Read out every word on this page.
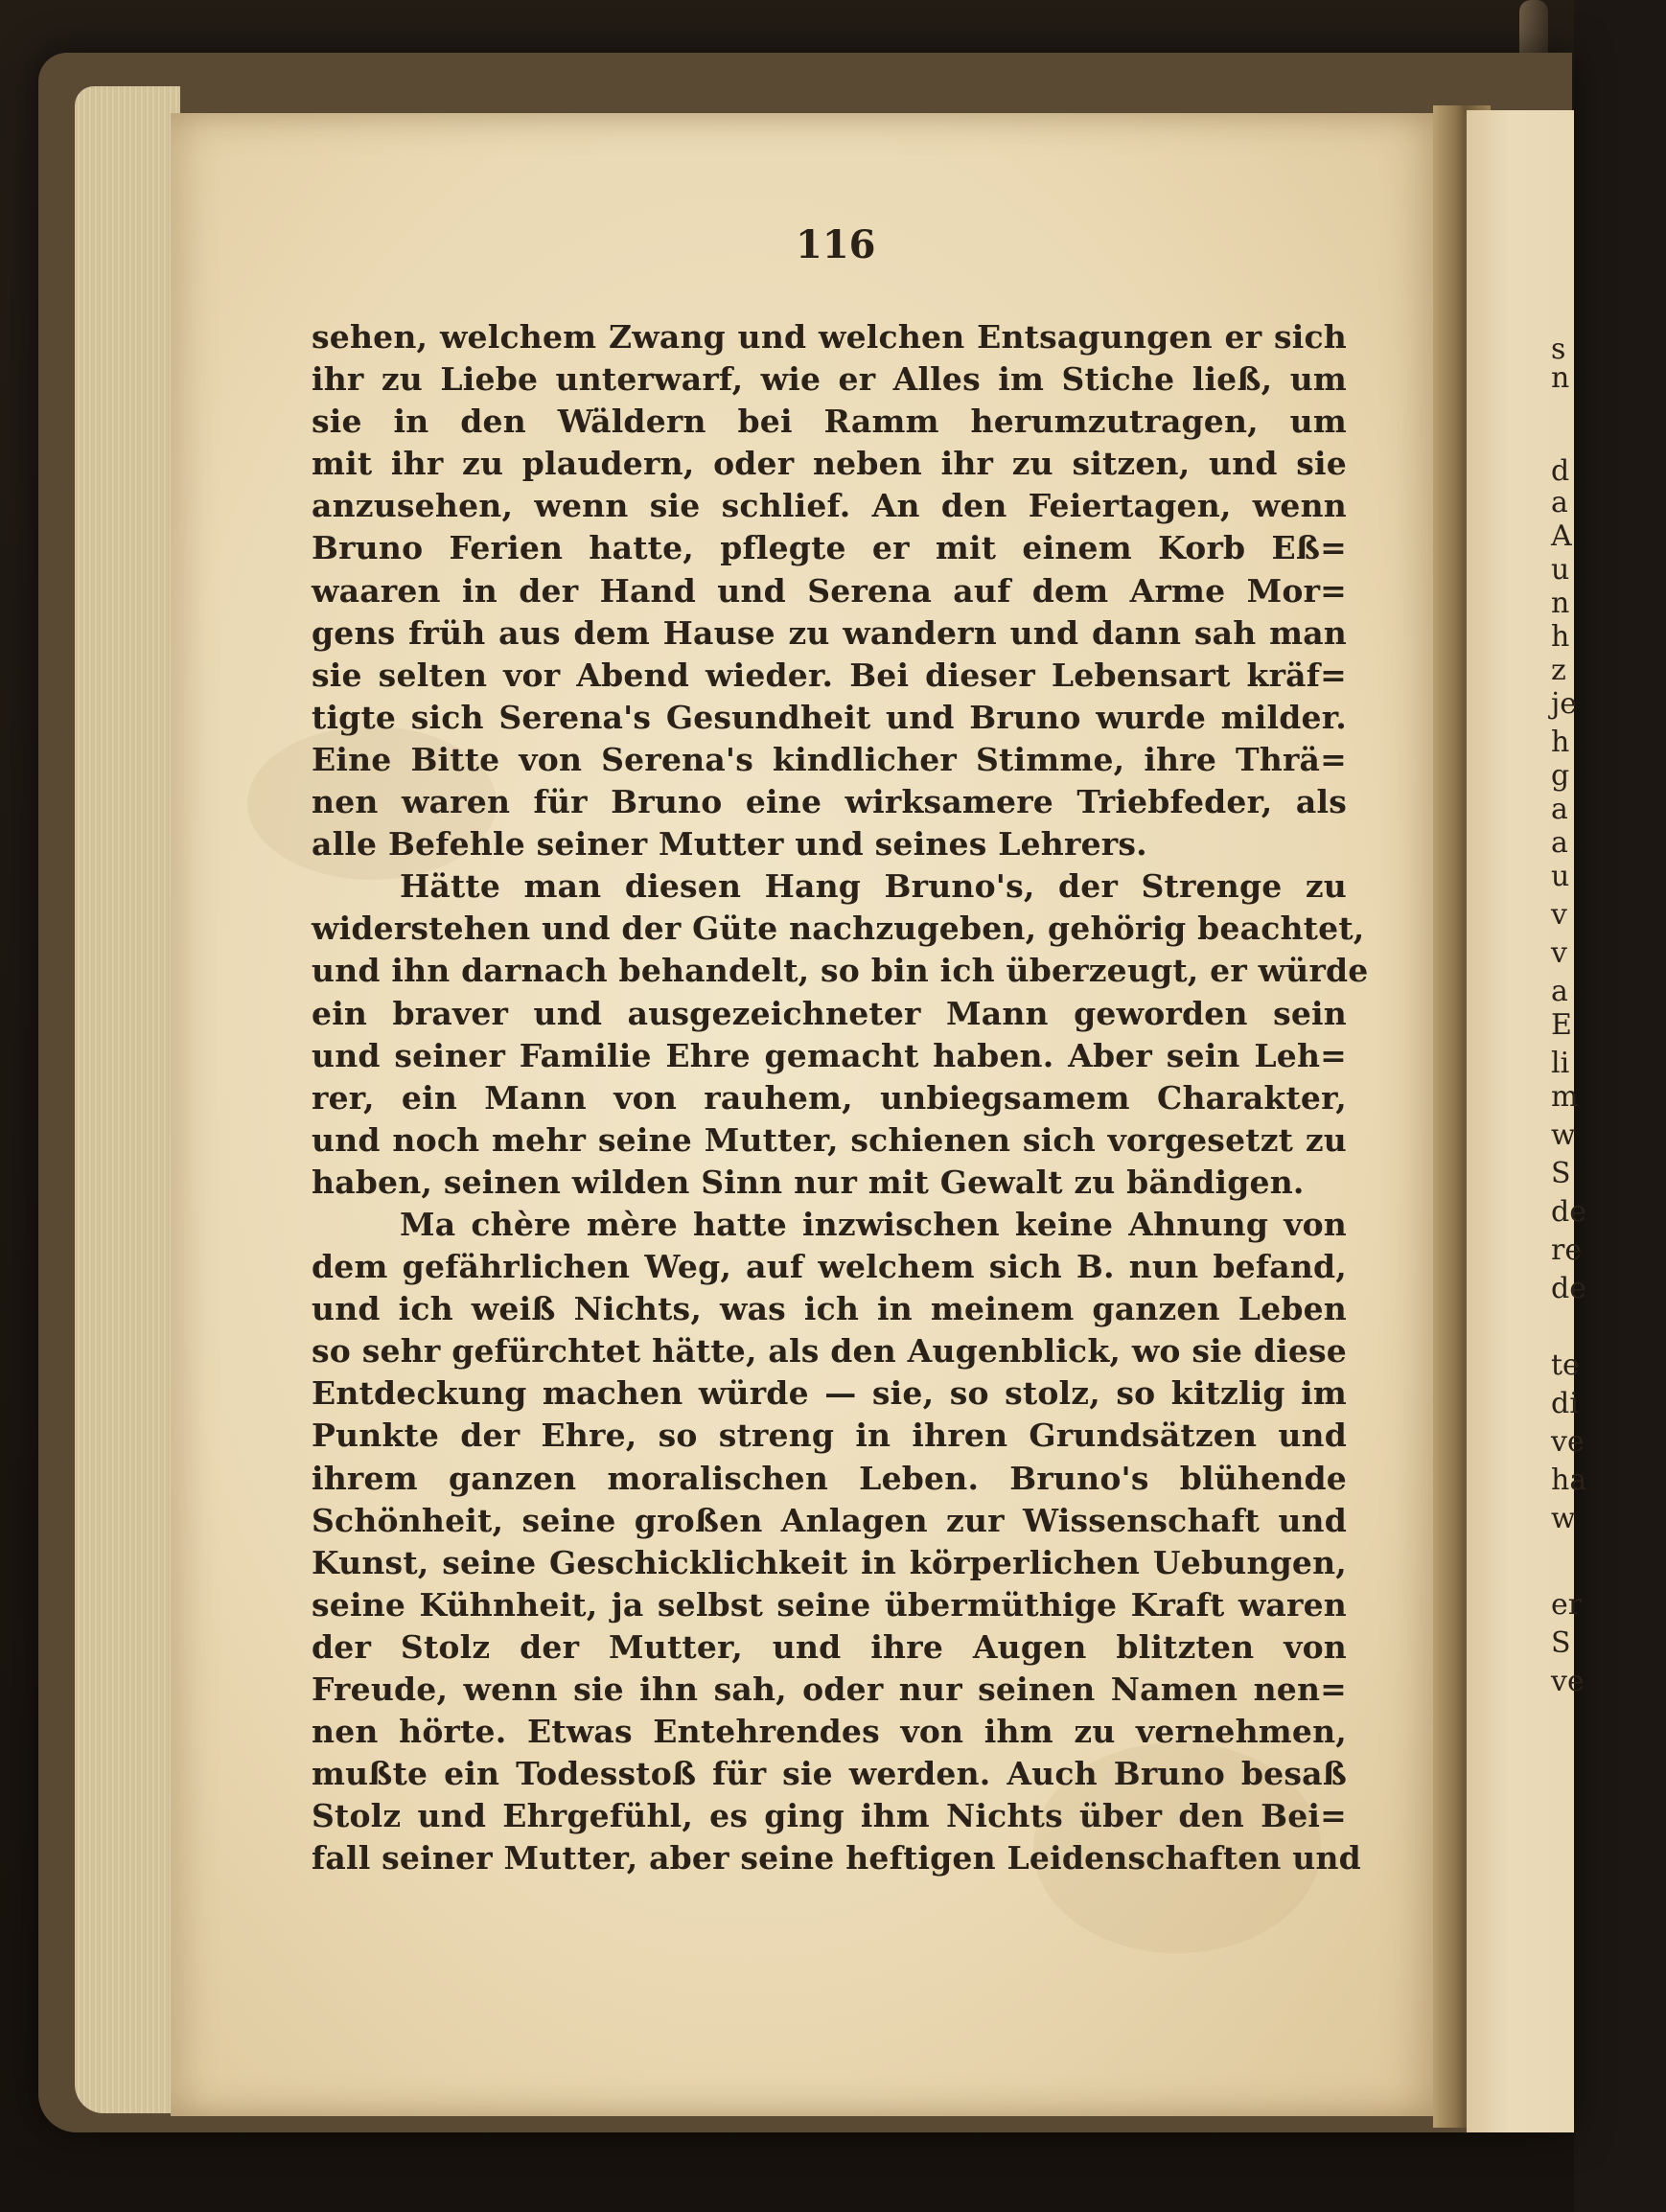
s
n
d
a
A
u
n
h
z
je
h
g
a
a
u
v
v
a
E
li
m
w
S
de
re
de
te
di
ve
ha
w
er
S
ve
116
sehen, welchem Zwang und welchen Entsagungen er sich
ihr zu Liebe unterwarf, wie er Alles im Stiche ließ, um
sie in den Wäldern bei Ramm herumzutragen, um
mit ihr zu plaudern, oder neben ihr zu sitzen, und sie
anzusehen, wenn sie schlief. An den Feiertagen, wenn
Bruno Ferien hatte, pflegte er mit einem Korb Eß=
waaren in der Hand und Serena auf dem Arme Mor=
gens früh aus dem Hause zu wandern und dann sah man
sie selten vor Abend wieder. Bei dieser Lebensart kräf=
tigte sich Serena's Gesundheit und Bruno wurde milder.
Eine Bitte von Serena's kindlicher Stimme, ihre Thrä=
nen waren für Bruno eine wirksamere Triebfeder, als
alle Befehle seiner Mutter und seines Lehrers.
Hätte man diesen Hang Bruno's, der Strenge zu
widerstehen und der Güte nachzugeben, gehörig beachtet,
und ihn darnach behandelt, so bin ich überzeugt, er würde
ein braver und ausgezeichneter Mann geworden sein
und seiner Familie Ehre gemacht haben. Aber sein Leh=
rer, ein Mann von rauhem, unbiegsamem Charakter,
und noch mehr seine Mutter, schienen sich vorgesetzt zu
haben, seinen wilden Sinn nur mit Gewalt zu bändigen.
Ma chère mère hatte inzwischen keine Ahnung von
dem gefährlichen Weg, auf welchem sich B. nun befand,
und ich weiß Nichts, was ich in meinem ganzen Leben
so sehr gefürchtet hätte, als den Augenblick, wo sie diese
Entdeckung machen würde — sie, so stolz, so kitzlig im
Punkte der Ehre, so streng in ihren Grundsätzen und
ihrem ganzen moralischen Leben. Bruno's blühende
Schönheit, seine großen Anlagen zur Wissenschaft und
Kunst, seine Geschicklichkeit in körperlichen Uebungen,
seine Kühnheit, ja selbst seine übermüthige Kraft waren
der Stolz der Mutter, und ihre Augen blitzten von
Freude, wenn sie ihn sah, oder nur seinen Namen nen=
nen hörte. Etwas Entehrendes von ihm zu vernehmen,
mußte ein Todesstoß für sie werden. Auch Bruno besaß
Stolz und Ehrgefühl, es ging ihm Nichts über den Bei=
fall seiner Mutter, aber seine heftigen Leidenschaften und
